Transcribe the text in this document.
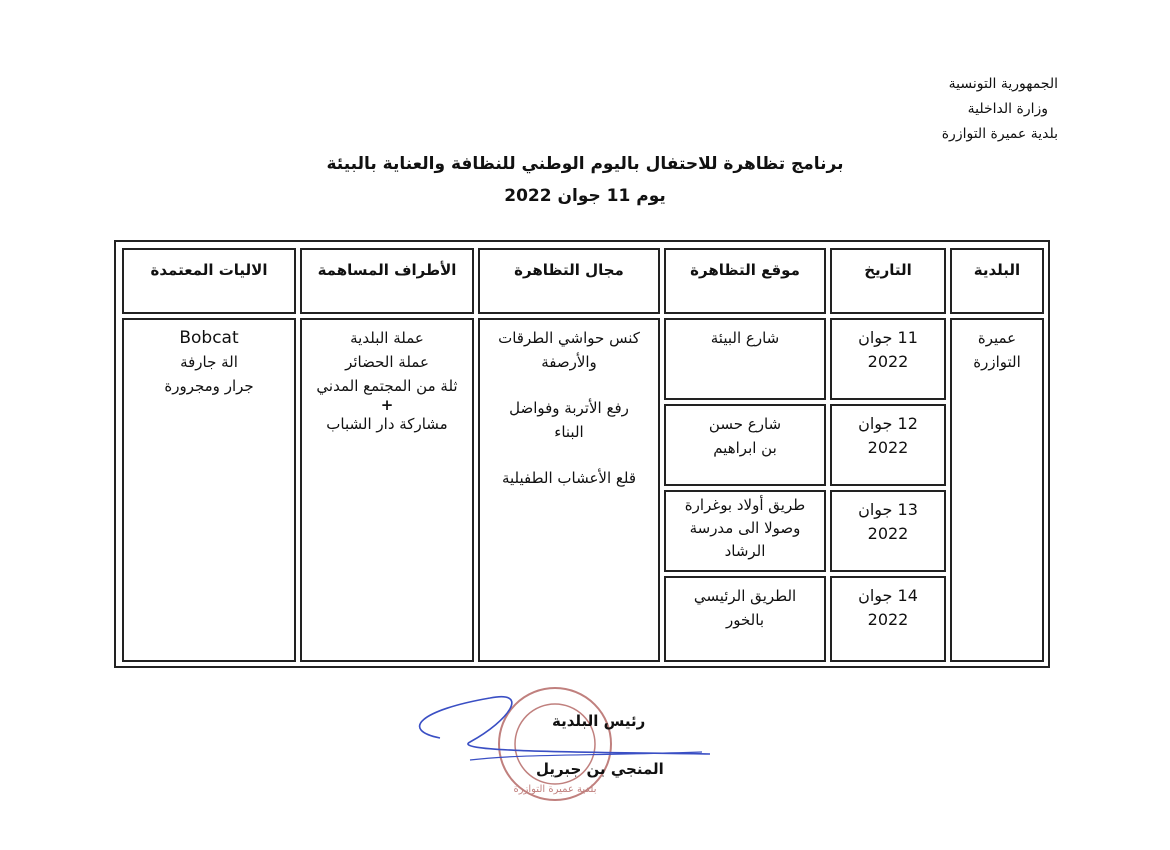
الجمهورية التونسية
وزارة الداخلية
بلدية عميرة التوازرة
برنامج تظاهرة للاحتفال باليوم الوطني للنظافة والعناية بالبيئة
يوم 11 جوان 2022
البلدية
التاريخ
موقع التظاهرة
مجال التظاهرة
الأطراف المساهمة
الاليات المعتمدة
عميرة
التوازرة
11 جوان
2022
12 جوان
2022
13 جوان
2022
14 جوان
2022
شارع البيئة
شارع حسن
بن ابراهيم
طريق أولاد بوغرارة
وصولا الى مدرسة
الرشاد
الطريق الرئيسي
بالخور
كنس حواشي الطرقات
والأرصفة
رفع الأتربة وفواضل
البناء
قلع الأعشاب الطفيلية
عملة البلدية
عملة الحضائر
ثلة من المجتمع المدني
+
مشاركة دار الشباب
Bobcat
الة جارفة
جرار ومجرورة
بلدية عميرة التوازرة
رئيس البلدية
المنجي بن جبريل
